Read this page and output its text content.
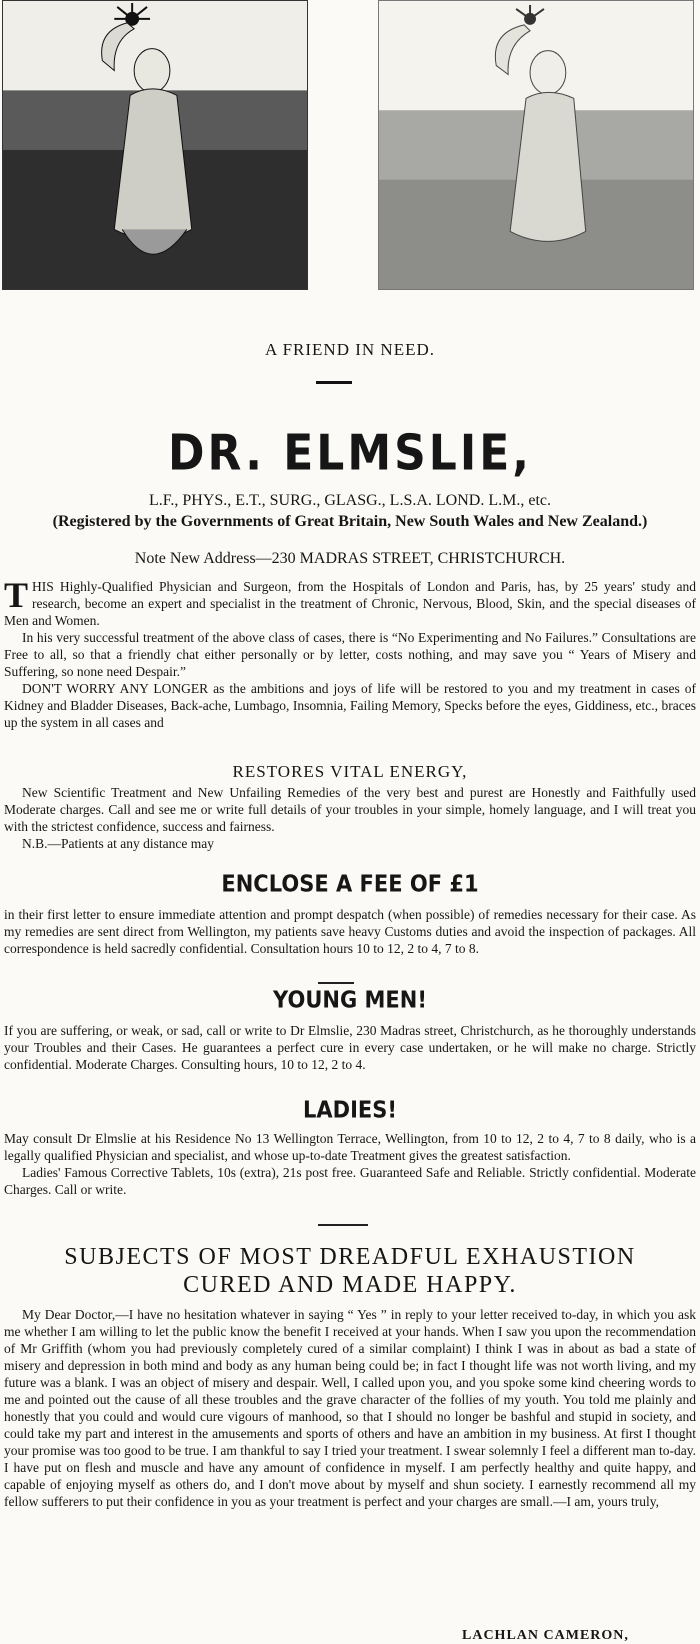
A FRIEND IN NEED.
DR. ELMSLIE,
L.F., PHYS., E.T., SURG., GLASG., L.S.A. LOND. L.M., etc.
(Registered by the Governments of Great Britain, New South Wales and New Zealand.)
Note New Address—230 MADRAS STREET, CHRISTCHURCH.

THIS Highly-Qualified Physician and Surgeon, from the Hospitals of London and Paris, has, by 25 years' study and research, become an expert and specialist in the treatment of Chronic, Nervous, Blood, Skin, and the special diseases of Men and Women.

In his very successful treatment of the above class of cases, there is “No Experimenting and No Failures.” Consultations are Free to all, so that a friendly chat either personally or by letter, costs nothing, and may save you “ Years of Misery and Suffering, so none need Despair.”

DON'T WORRY ANY LONGER as the ambitions and joys of life will be restored to you and my treatment in cases of Kidney and Bladder Diseases, Back-ache, Lumbago, Insomnia, Failing Memory, Specks before the eyes, Giddiness, etc., braces up the system in all cases and

RESTORES VITAL ENERGY,

New Scientific Treatment and New Unfailing Remedies of the very best and purest are Honestly and Faithfully used Moderate charges. Call and see me or write full details of your troubles in your simple, homely language, and I will treat you with the strictest confidence, success and fairness.

N.B.—Patients at any distance may

ENCLOSE A FEE OF £1

in their first letter to ensure immediate attention and prompt despatch (when possible) of remedies necessary for their case. As my remedies are sent direct from Wellington, my patients save heavy Customs duties and avoid the inspection of packages. All correspondence is held sacredly confidential. Consultation hours 10 to 12, 2 to 4, 7 to 8.

YOUNG MEN!

If you are suffering, or weak, or sad, call or write to Dr Elmslie, 230 Madras street, Christchurch, as he thoroughly understands your Troubles and their Cases. He guarantees a perfect cure in every case undertaken, or he will make no charge. Strictly confidential. Moderate Charges. Consulting hours, 10 to 12, 2 to 4.

LADIES!

May consult Dr Elmslie at his Residence No 13 Wellington Terrace, Wellington, from 10 to 12, 2 to 4, 7 to 8 daily, who is a legally qualified Physician and specialist, and whose up-to-date Treatment gives the greatest satisfaction.

Ladies' Famous Corrective Tablets, 10s (extra), 21s post free. Guaranteed Safe and Reliable. Strictly confidential. Moderate Charges. Call or write.

SUBJECTS OF MOST DREADFUL EXHAUSTION
CURED AND MADE HAPPY.

My Dear Doctor,—I have no hesitation whatever in saying “ Yes ” in reply to your letter received to-day, in which you ask me whether I am willing to let the public know the benefit I received at your hands. When I saw you upon the recommendation of Mr Griffith (whom you had previously completely cured of a similar complaint) I think I was in about as bad a state of misery and depression in both mind and body as any human being could be; in fact I thought life was not worth living, and my future was a blank. I was an object of misery and despair. Well, I called upon you, and you spoke some kind cheering words to me and pointed out the cause of all these troubles and the grave character of the follies of my youth. You told me plainly and honestly that you could and would cure vigours of manhood, so that I should no longer be bashful and stupid in society, and could take my part and interest in the amusements and sports of others and have an ambition in my business. At first I thought your promise was too good to be true. I am thankful to say I tried your treatment. I swear solemnly I feel a different man to-day. I have put on flesh and muscle and have any amount of confidence in myself. I am perfectly healthy and quite happy, and capable of enjoying myself as others do, and I don't move about by myself and shun society. I earnestly recommend all my fellow sufferers to put their confidence in you as your treatment is perfect and your charges are small.—I am, yours truly,

LACHLAN CAMERON,
